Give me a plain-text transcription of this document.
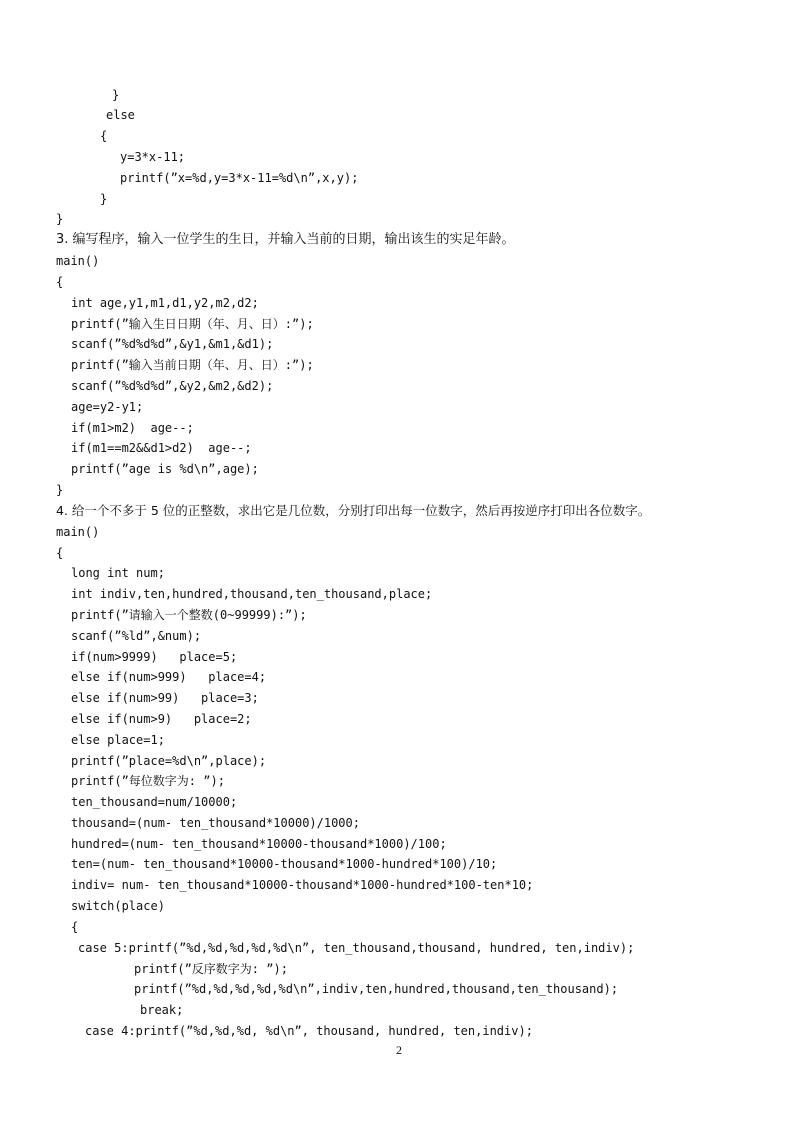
}
else
{
y=3*x-11;
printf(”x=%d,y=3*x-11=%d\n”,x,y);
}
}
3. 编写程序，输入一位学生的生日，并输入当前的日期，输出该生的实足年龄。
main()
{
int age,y1,m1,d1,y2,m2,d2;
printf(”输入生日日期（年、月、日）:”);
scanf(”%d%d%d”,&y1,&m1,&d1);
printf(”输入当前日期（年、月、日）:”);
scanf(”%d%d%d”,&y2,&m2,&d2);
age=y2-y1;
if(m1>m2)  age--;
if(m1==m2&&d1>d2)  age--;
printf(”age is %d\n”,age);
}
4. 给一个不多于 5 位的正整数，求出它是几位数，分别打印出每一位数字，然后再按逆序打印出各位数字。
main()
{
long int num;
int indiv,ten,hundred,thousand,ten_thousand,place;
printf(”请输入一个整数(0~99999):”);
scanf(”%ld”,&num);
if(num>9999)   place=5;
else if(num>999)   place=4;
else if(num>99)   place=3;
else if(num>9)   place=2;
else place=1;
printf(”place=%d\n”,place);
printf(”每位数字为: ”);
ten_thousand=num/10000;
thousand=(num- ten_thousand*10000)/1000;
hundred=(num- ten_thousand*10000-thousand*1000)/100;
ten=(num- ten_thousand*10000-thousand*1000-hundred*100)/10;
indiv= num- ten_thousand*10000-thousand*1000-hundred*100-ten*10;
switch(place)
{
case 5:printf(”%d,%d,%d,%d,%d\n”, ten_thousand,thousand, hundred, ten,indiv);
printf(”反序数字为: ”);
printf(”%d,%d,%d,%d,%d\n”,indiv,ten,hundred,thousand,ten_thousand);
break;
case 4:printf(”%d,%d,%d, %d\n”, thousand, hundred, ten,indiv);
2
